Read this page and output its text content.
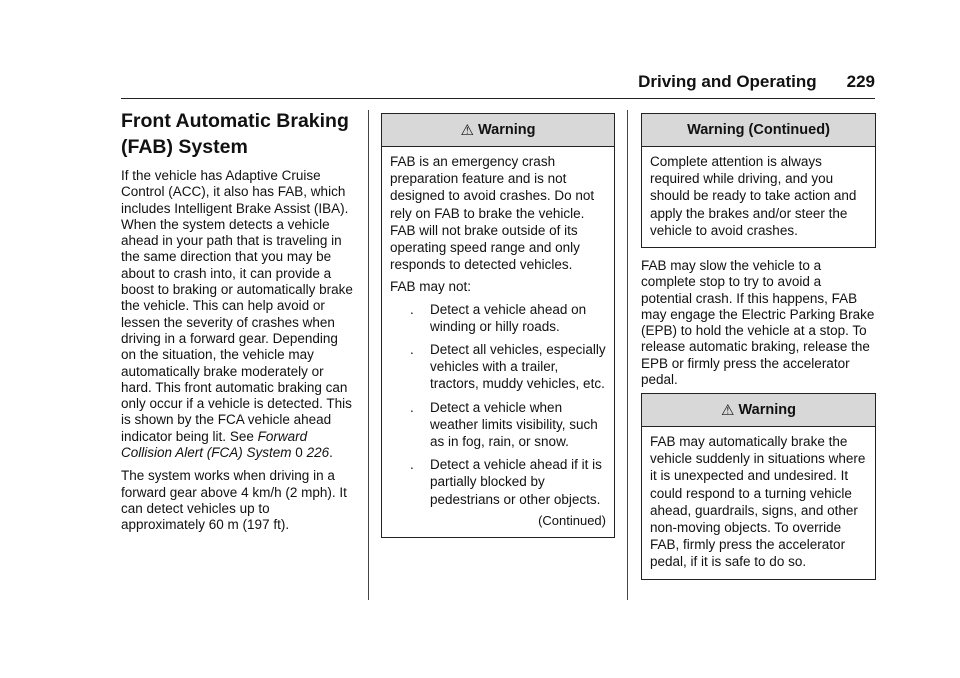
Driving and Operating 229
Front Automatic Braking
(FAB) System

If the vehicle has Adaptive Cruise Control (ACC), it also has FAB, which includes Intelligent Brake Assist (IBA). When the system detects a vehicle ahead in your path that is traveling in the same direction that you may be about to crash into, it can provide a boost to braking or automatically brake the vehicle. This can help avoid or lessen the severity of crashes when driving in a forward gear. Depending on the situation, the vehicle may automatically brake moderately or hard. This front automatic braking can only occur if a vehicle is detected. This is shown by the FCA vehicle ahead indicator being lit. See Forward Collision Alert (FCA) System 0 226.

The system works when driving in a forward gear above 4 km/h (2 mph). It can detect vehicles up to approximately 60 m (197 ft).

⚠ Warning

FAB is an emergency crash preparation feature and is not designed to avoid crashes. Do not rely on FAB to brake the vehicle. FAB will not brake outside of its operating speed range and only responds to detected vehicles.

FAB may not:

. Detect a vehicle ahead on winding or hilly roads.
. Detect all vehicles, especially vehicles with a trailer, tractors, muddy vehicles, etc.
. Detect a vehicle when weather limits visibility, such as in fog, rain, or snow.
. Detect a vehicle ahead if it is partially blocked by pedestrians or other objects.
(Continued)
Warning (Continued)

Complete attention is always required while driving, and you should be ready to take action and apply the brakes and/or steer the vehicle to avoid crashes.

FAB may slow the vehicle to a complete stop to try to avoid a potential crash. If this happens, FAB may engage the Electric Parking Brake (EPB) to hold the vehicle at a stop. To release automatic braking, release the EPB or firmly press the accelerator pedal.

⚠ Warning

FAB may automatically brake the vehicle suddenly in situations where it is unexpected and undesired. It could respond to a turning vehicle ahead, guardrails, signs, and other non-moving objects. To override FAB, firmly press the accelerator pedal, if it is safe to do so.
